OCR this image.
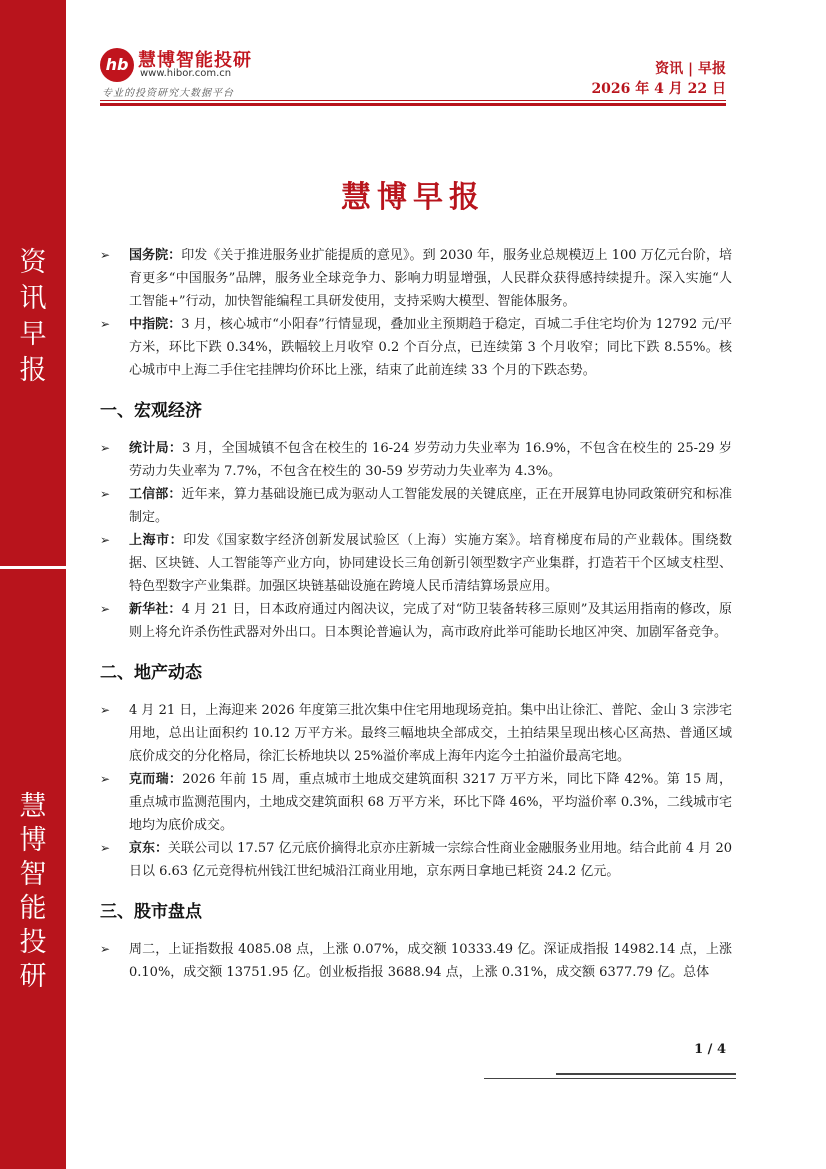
资
讯
早
报
慧
博
智
能
投
研
hb 慧博智能投研
www.hibor.com.cn
专业的投资研究大数据平台
资讯 | 早报
2026 年 4 月 22 日
慧博早报

➢ 国务院：印发《关于推进服务业扩能提质的意见》。到 2030 年，服务业总规模迈上 100 万亿元台阶，培育更多“中国服务”品牌，服务业全球竞争力、影响力明显增强，人民群众获得感持续提升。深入实施“人工智能+”行动，加快智能编程工具研发使用，支持采购大模型、智能体服务。

➢ 中指院：3 月，核心城市“小阳春”行情显现，叠加业主预期趋于稳定，百城二手住宅均价为 12792 元/平方米，环比下跌 0.34%，跌幅较上月收窄 0.2 个百分点，已连续第 3 个月收窄；同比下跌 8.55%。核心城市中上海二手住宅挂牌均价环比上涨，结束了此前连续 33 个月的下跌态势。

一、宏观经济

➢ 统计局：3 月，全国城镇不包含在校生的 16-24 岁劳动力失业率为 16.9%，不包含在校生的 25-29 岁劳动力失业率为 7.7%，不包含在校生的 30-59 岁劳动力失业率为 4.3%。

➢ 工信部：近年来，算力基础设施已成为驱动人工智能发展的关键底座，正在开展算电协同政策研究和标准制定。

➢ 上海市：印发《国家数字经济创新发展试验区（上海）实施方案》。培育梯度布局的产业载体。围绕数据、区块链、人工智能等产业方向，协同建设长三角创新引领型数字产业集群，打造若干个区域支柱型、特色型数字产业集群。加强区块链基础设施在跨境人民币清结算场景应用。

➢ 新华社：4 月 21 日，日本政府通过内阁决议，完成了对“防卫装备转移三原则”及其运用指南的修改，原则上将允许杀伤性武器对外出口。日本舆论普遍认为，高市政府此举可能助长地区冲突、加剧军备竞争。

二、地产动态

➢ 4 月 21 日，上海迎来 2026 年度第三批次集中住宅用地现场竞拍。集中出让徐汇、普陀、金山 3 宗涉宅用地，总出让面积约 10.12 万平方米。最终三幅地块全部成交，土拍结果呈现出核心区高热、普通区域底价成交的分化格局，徐汇长桥地块以 25%溢价率成上海年内迄今土拍溢价最高宅地。

➢ 克而瑞：2026 年前 15 周，重点城市土地成交建筑面积 3217 万平方米，同比下降 42%。第 15 周，重点城市监测范围内，土地成交建筑面积 68 万平方米，环比下降 46%，平均溢价率 0.3%，二线城市宅地均为底价成交。

➢ 京东：关联公司以 17.57 亿元底价摘得北京亦庄新城一宗综合性商业金融服务业用地。结合此前 4 月 20 日以 6.63 亿元竞得杭州钱江世纪城沿江商业用地，京东两日拿地已耗资 24.2 亿元。

三、股市盘点

➢ 周二，上证指数报 4085.08 点，上涨 0.07%，成交额 10333.49 亿。深证成指报 14982.14 点，上涨 0.10%，成交额 13751.95 亿。创业板指报 3688.94 点，上涨 0.31%，成交额 6377.79 亿。总体

1 / 4
